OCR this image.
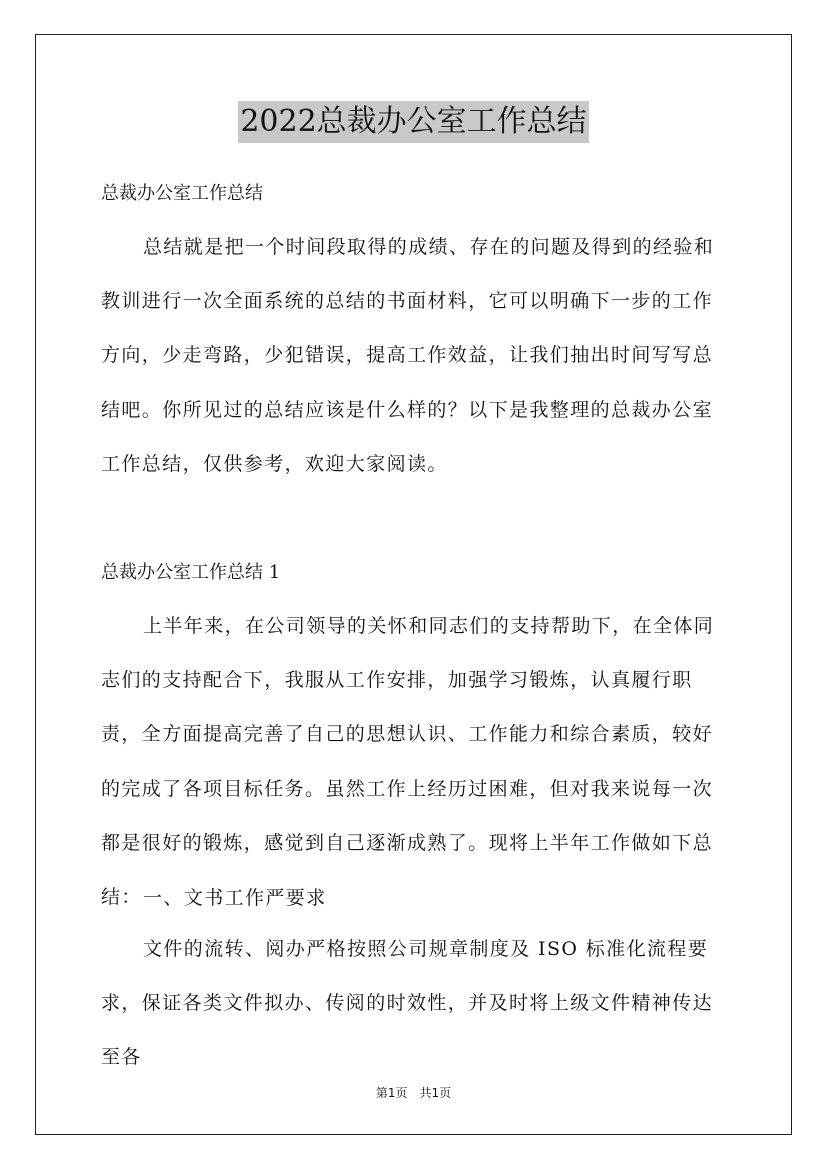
2022总裁办公室工作总结

总裁办公室工作总结

总结就是把一个时间段取得的成绩、存在的问题及得到的经验和教训进行一次全面系统的总结的书面材料，它可以明确下一步的工作方向，少走弯路，少犯错误，提高工作效益，让我们抽出时间写写总结吧。你所见过的总结应该是什么样的？以下是我整理的总裁办公室工作总结，仅供参考，欢迎大家阅读。

总裁办公室工作总结 1

上半年来，在公司领导的关怀和同志们的支持帮助下，在全体同志们的支持配合下，我服从工作安排，加强学习锻炼，认真履行职责，全方面提高完善了自己的思想认识、工作能力和综合素质，较好的完成了各项目标任务。虽然工作上经历过困难，但对我来说每一次都是很好的锻炼，感觉到自己逐渐成熟了。现将上半年工作做如下总结： 一、文书工作严要求

文件的流转、阅办严格按照公司规章制度及 ISO 标准化流程要求，保证各类文件拟办、传阅的时效性，并及时将上级文件精神传达至各

第1页　共1页
